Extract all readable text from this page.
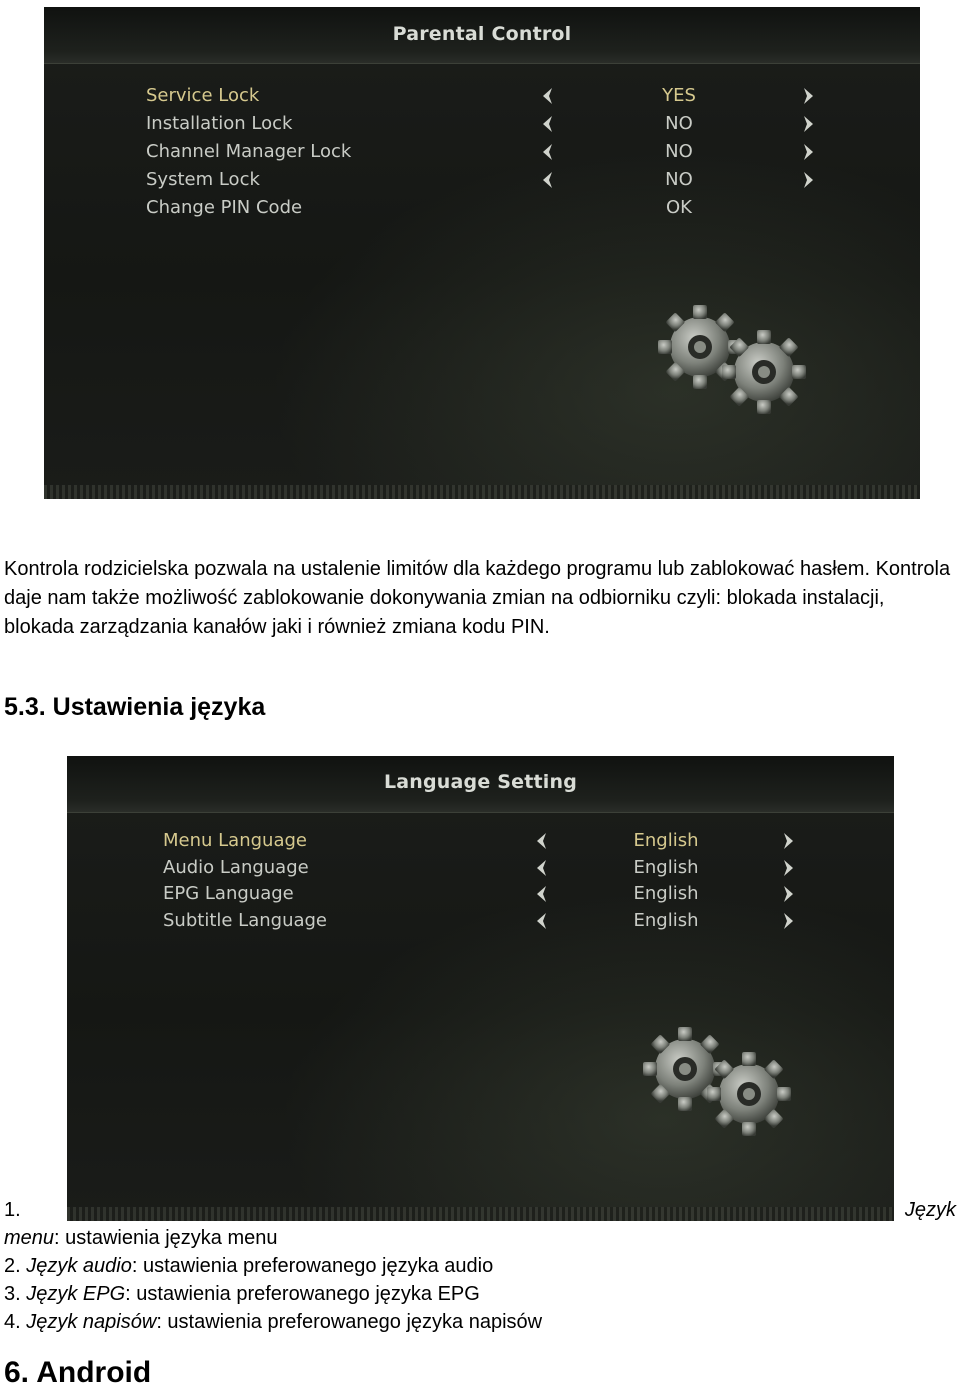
Parental Control
Service Lock	YES
Installation Lock	NO
Channel Manager Lock	NO
System Lock	NO
Change PIN Code	OK

Kontrola rodzicielska pozwala na ustalenie limitów dla każdego programu lub zablokować hasłem. Kontrola daje nam także możliwość zablokowanie dokonywania zmian na odbiorniku czyli: blokada instalacji, blokada zarządzania kanałów jaki i również zmiana kodu PIN.

5.3. Ustawienia języka
Language Setting
Menu Language	English
Audio Language	English
EPG Language	English
Subtitle Language	English
1.	Język
menu: ustawienia języka menu
2. Język audio: ustawienia preferowanego języka audio
3. Język EPG: ustawienia preferowanego języka EPG
4. Język napisów: ustawienia preferowanego języka napisów
6. Android
